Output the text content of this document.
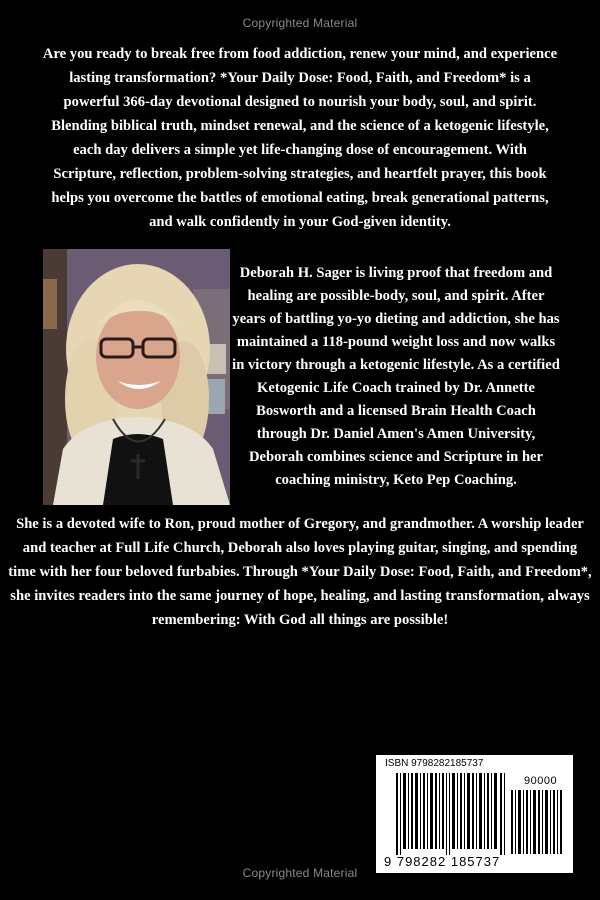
Copyrighted Material

Are you ready to break free from food addiction, renew your mind, and experience lasting transformation? *Your Daily Dose: Food, Faith, and Freedom* is a powerful 366-day devotional designed to nourish your body, soul, and spirit. Blending biblical truth, mindset renewal, and the science of a ketogenic lifestyle, each day delivers a simple yet life-changing dose of encouragement. With Scripture, reflection, problem-solving strategies, and heartfelt prayer, this book helps you overcome the battles of emotional eating, break generational patterns, and walk confidently in your God-given identity.

Deborah H. Sager is living proof that freedom and healing are possible-body, soul, and spirit. After years of battling yo-yo dieting and addiction, she has maintained a 118-pound weight loss and now walks in victory through a ketogenic lifestyle. As a certified Ketogenic Life Coach trained by Dr. Annette Bosworth and a licensed Brain Health Coach through Dr. Daniel Amen's Amen University, Deborah combines science and Scripture in her coaching ministry, Keto Pep Coaching.

She is a devoted wife to Ron, proud mother of Gregory, and grandmother. A worship leader and teacher at Full Life Church, Deborah also loves playing guitar, singing, and spending time with her four beloved furbabies. Through *Your Daily Dose: Food, Faith, and Freedom*, she invites readers into the same journey of hope, healing, and lasting transformation, always remembering: With God all things are possible!

ISBN 9798282185737
90000
9 798282 185737
Copyrighted Material
